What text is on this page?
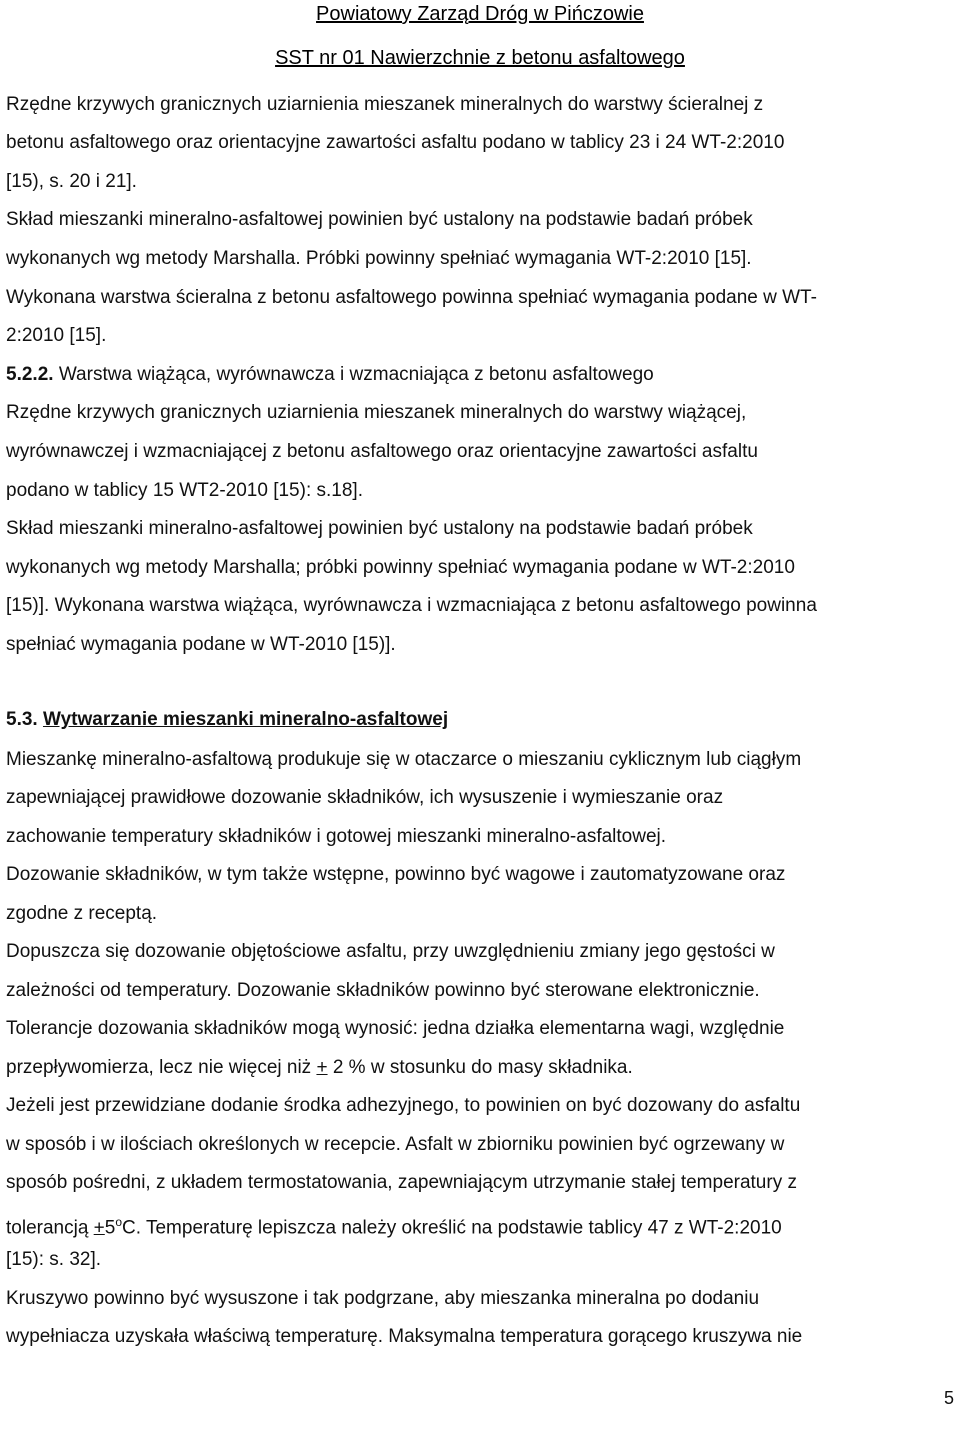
Powiatowy Zarząd Dróg w Pińczowie
SST nr 01 Nawierzchnie z betonu asfaltowego
Rzędne krzywych granicznych uziarnienia mieszanek mineralnych do warstwy ścieralnej z
betonu asfaltowego oraz orientacyjne zawartości asfaltu podano w tablicy 23 i 24 WT-2:2010
[15), s. 20 i 21].
Skład mieszanki mineralno-asfaltowej powinien być ustalony na podstawie badań próbek
wykonanych wg metody Marshalla. Próbki powinny spełniać wymagania WT-2:2010 [15].
Wykonana warstwa ścieralna z betonu asfaltowego powinna spełniać wymagania podane w WT-
2:2010 [15].
5.2.2. Warstwa wiążąca, wyrównawcza i wzmacniająca z betonu asfaltowego
Rzędne krzywych granicznych uziarnienia mieszanek mineralnych do warstwy wiążącej,
wyrównawczej i wzmacniającej z betonu asfaltowego oraz orientacyjne zawartości asfaltu
podano w tablicy 15 WT2-2010 [15): s.18].
Skład mieszanki mineralno-asfaltowej powinien być ustalony na podstawie badań próbek
wykonanych wg metody Marshalla; próbki powinny spełniać wymagania podane w WT-2:2010
[15)]. Wykonana warstwa wiążąca, wyrównawcza i wzmacniająca z betonu asfaltowego powinna
spełniać wymagania podane w WT-2010 [15)].
5.3. Wytwarzanie mieszanki mineralno-asfaltowej
Mieszankę mineralno-asfaltową produkuje się w otaczarce o mieszaniu cyklicznym lub ciągłym
zapewniającej prawidłowe dozowanie składników, ich wysuszenie i wymieszanie oraz
zachowanie temperatury składników i gotowej mieszanki mineralno-asfaltowej.
Dozowanie składników, w tym także wstępne, powinno być wagowe i zautomatyzowane oraz
zgodne z receptą.
Dopuszcza się dozowanie objętościowe asfaltu, przy uwzględnieniu zmiany jego gęstości w
zależności od temperatury. Dozowanie składników powinno być sterowane elektronicznie.
Tolerancje dozowania składników mogą wynosić: jedna działka elementarna wagi, względnie
przepływomierza, lecz nie więcej niż + 2 % w stosunku do masy składnika.
Jeżeli jest przewidziane dodanie środka adhezyjnego, to powinien on być dozowany do asfaltu
w sposób i w ilościach określonych w recepcie. Asfalt w zbiorniku powinien być ogrzewany w
sposób pośredni, z układem termostatowania, zapewniającym utrzymanie stałej temperatury z
tolerancją $+5^oC$. Temperaturę lepiszcza należy określić na podstawie tablicy 47 z WT-2:2010
[15): s. 32].
Kruszywo powinno być wysuszone i tak podgrzane, aby mieszanka mineralna po dodaniu
wypełniacza uzyskała właściwą temperaturę. Maksymalna temperatura gorącego kruszywa nie
5
